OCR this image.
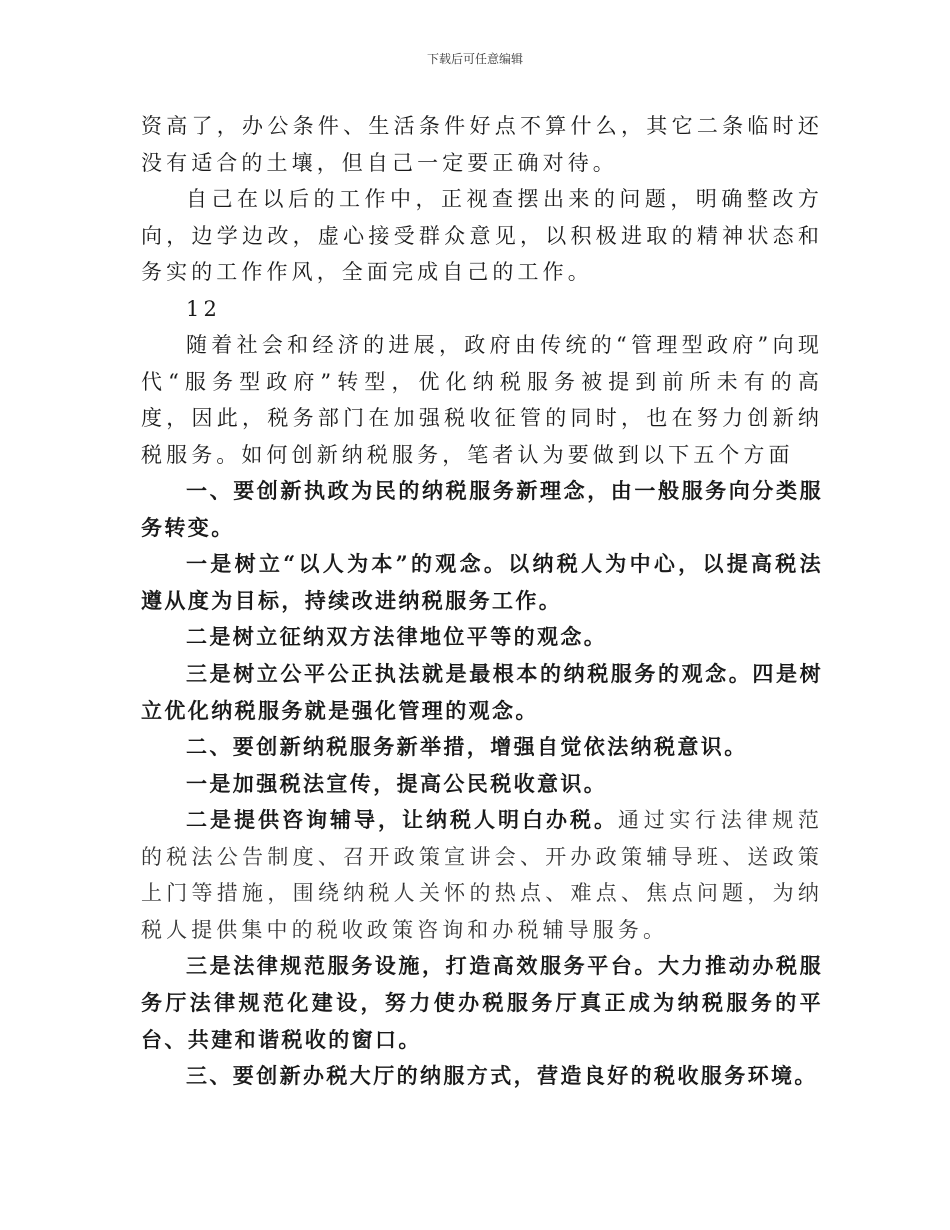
下载后可任意编辑

资高了，办公条件、生活条件好点不算什么，其它二条临时还没有适合的土壤，但自己一定要正确对待。

自己在以后的工作中，正视查摆出来的问题，明确整改方向，边学边改，虚心接受群众意见，以积极进取的精神状态和务实的工作作风，全面完成自己的工作。

12

随着社会和经济的进展，政府由传统的“管理型政府”向现代“服务型政府”转型，优化纳税服务被提到前所未有的高度，因此，税务部门在加强税收征管的同时，也在努力创新纳税服务。如何创新纳税服务，笔者认为要做到以下五个方面

一、要创新执政为民的纳税服务新理念，由一般服务向分类服务转变。

一是树立“以人为本”的观念。以纳税人为中心，以提高税法遵从度为目标，持续改进纳税服务工作。

二是树立征纳双方法律地位平等的观念。

三是树立公平公正执法就是最根本的纳税服务的观念。四是树立优化纳税服务就是强化管理的观念。

二、要创新纳税服务新举措，增强自觉依法纳税意识。

一是加强税法宣传，提高公民税收意识。

二是提供咨询辅导，让纳税人明白办税。通过实行法律规范的税法公告制度、召开政策宣讲会、开办政策辅导班、送政策上门等措施，围绕纳税人关怀的热点、难点、焦点问题，为纳税人提供集中的税收政策咨询和办税辅导服务。

三是法律规范服务设施，打造高效服务平台。大力推动办税服务厅法律规范化建设，努力使办税服务厅真正成为纳税服务的平台、共建和谐税收的窗口。

三、要创新办税大厅的纳服方式，营造良好的税收服务环境。
